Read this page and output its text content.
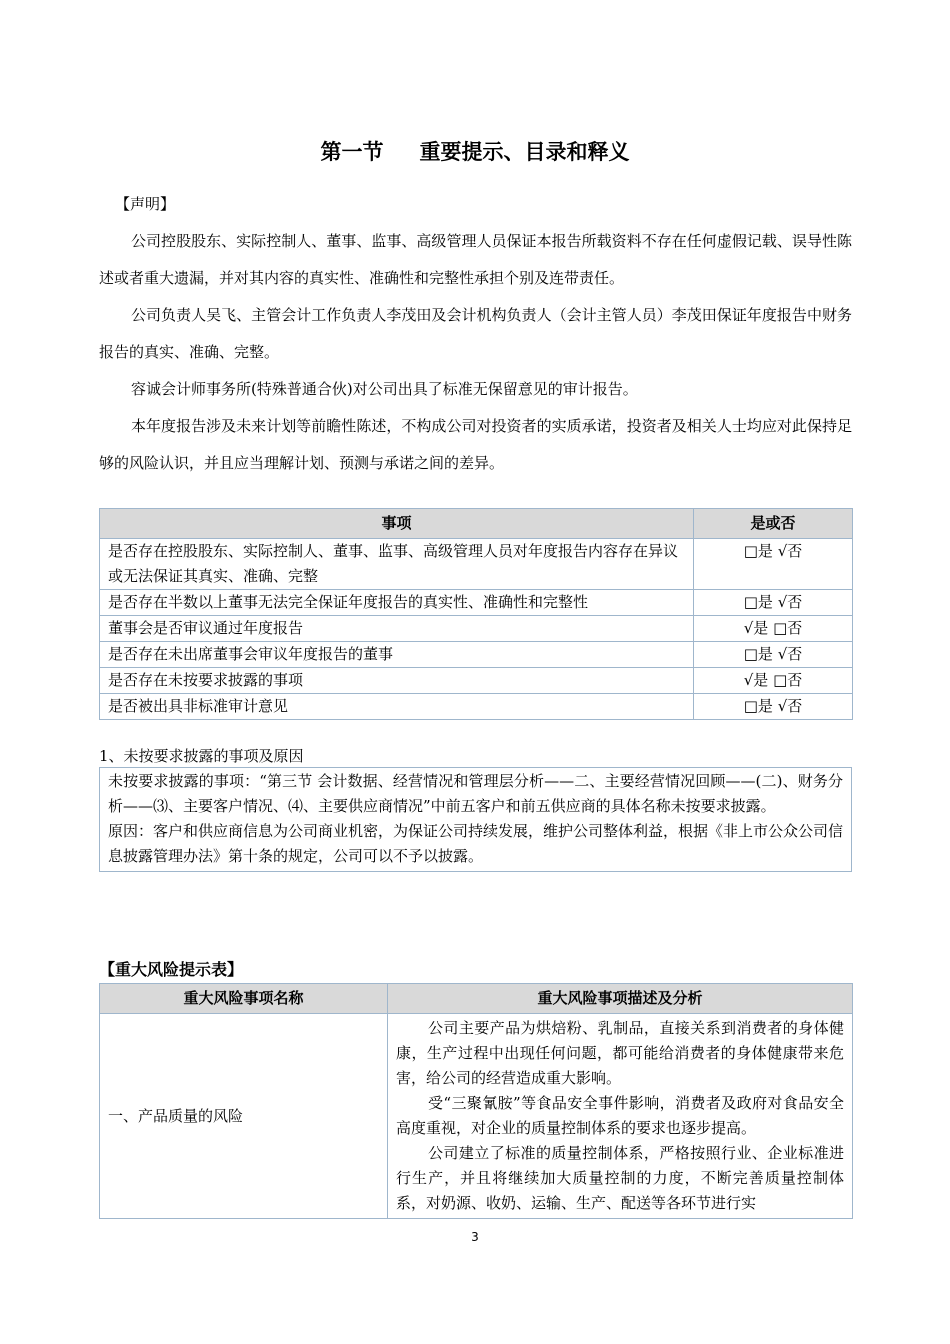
第一节 重要提示、目录和释义

【声明】

公司控股股东、实际控制人、董事、监事、高级管理人员保证本报告所载资料不存在任何虚假记载、误导性陈述或者重大遗漏，并对其内容的真实性、准确性和完整性承担个别及连带责任。

公司负责人吴飞、主管会计工作负责人李茂田及会计机构负责人（会计主管人员）李茂田保证年度报告中财务报告的真实、准确、完整。

容诚会计师事务所(特殊普通合伙)对公司出具了标准无保留意见的审计报告。

本年度报告涉及未来计划等前瞻性陈述，不构成公司对投资者的实质承诺，投资者及相关人士均应对此保持足够的风险认识，并且应当理解计划、预测与承诺之间的差异。

事项	是或否
是否存在控股股东、实际控制人、董事、监事、高级管理人员对年度报告内容存在异议或无法保证其真实、准确、完整	□是 √否
是否存在半数以上董事无法完全保证年度报告的真实性、准确性和完整性	□是 √否
董事会是否审议通过年度报告	√是 □否
是否存在未出席董事会审议年度报告的董事	□是 √否
是否存在未按要求披露的事项	√是 □否
是否被出具非标准审计意见	□是 √否
1、未按要求披露的事项及原因

未按要求披露的事项：“第三节 会计数据、经营情况和管理层分析——二、主要经营情况回顾——(二)、财务分析——⑶、主要客户情况、⑷、主要供应商情况”中前五客户和前五供应商的具体名称未按要求披露。

原因：客户和供应商信息为公司商业机密，为保证公司持续发展，维护公司整体利益，根据《非上市公众公司信息披露管理办法》第十条的规定，公司可以不予以披露。

【重大风险提示表】
重大风险事项名称	重大风险事项描述及分析
一、产品质量的风险	公司主要产品为烘焙粉、乳制品，直接关系到消费者的身体健康，生产过程中出现任何问题，都可能给消费者的身体健康带来危害，给公司的经营造成重大影响。

受“三聚氰胺”等食品安全事件影响，消费者及政府对食品安全高度重视，对企业的质量控制体系的要求也逐步提高。

公司建立了标准的质量控制体系，严格按照行业、企业标准进行生产，并且将继续加大质量控制的力度，不断完善质量控制体系，对奶源、收奶、运输、生产、配送等各环节进行实

3
